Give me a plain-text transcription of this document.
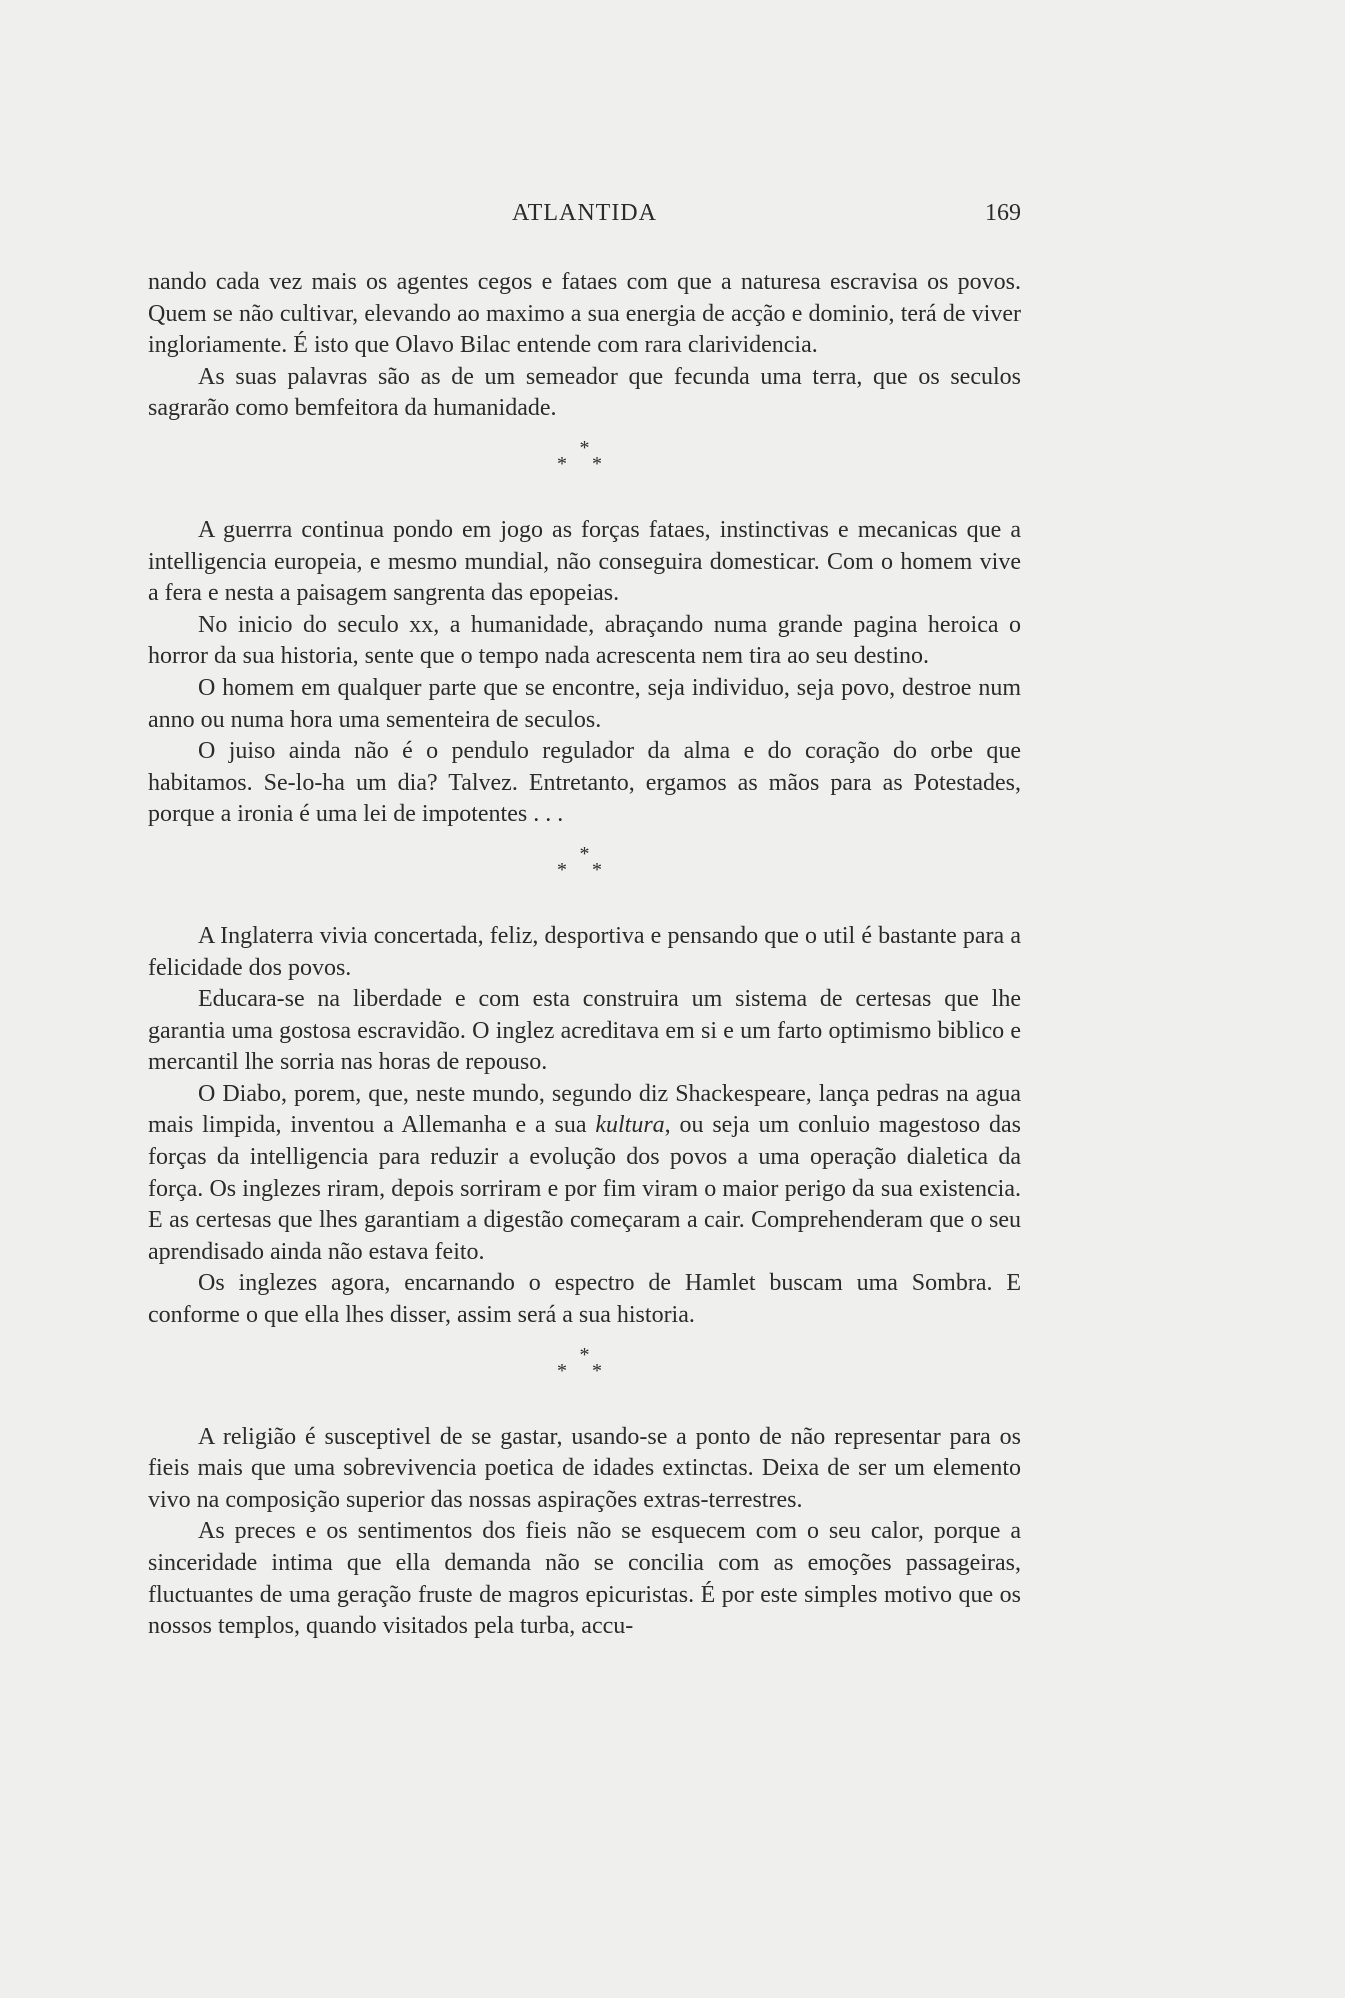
ATLANTIDA	169

nando cada vez mais os agentes cegos e fataes com que a naturesa escravisa os povos. Quem se não cultivar, elevando ao maximo a sua energia de acção e dominio, terá de viver ingloriamente. É isto que Olavo Bilac entende com rara clarividencia.

As suas palavras são as de um semeador que fecunda uma terra, que os seculos sagrarão como bemfeitora da humanidade.

*
* *

A guerrra continua pondo em jogo as forças fataes, instinctivas e mecanicas que a intelligencia europeia, e mesmo mundial, não conseguira domesticar. Com o homem vive a fera e nesta a paisagem sangrenta das epopeias.

No inicio do seculo xx, a humanidade, abraçando numa grande pagina heroica o horror da sua historia, sente que o tempo nada acrescenta nem tira ao seu destino.

O homem em qualquer parte que se encontre, seja individuo, seja povo, destroe num anno ou numa hora uma sementeira de seculos.

O juiso ainda não é o pendulo regulador da alma e do coração do orbe que habitamos. Se-lo-ha um dia? Talvez. Entretanto, ergamos as mãos para as Potestades, porque a ironia é uma lei de impotentes . . .

*
* *

A Inglaterra vivia concertada, feliz, desportiva e pensando que o util é bastante para a felicidade dos povos.

Educara-se na liberdade e com esta construira um sistema de certesas que lhe garantia uma gostosa escravidão. O inglez acreditava em si e um farto optimismo biblico e mercantil lhe sorria nas horas de repouso.

O Diabo, porem, que, neste mundo, segundo diz Shackespeare, lança pedras na agua mais limpida, inventou a Allemanha e a sua kultura, ou seja um conluio magestoso das forças da intelligencia para reduzir a evolução dos povos a uma operação dialetica da força. Os inglezes riram, depois sorriram e por fim viram o maior perigo da sua existencia. E as certesas que lhes garantiam a digestão começaram a cair. Comprehenderam que o seu aprendisado ainda não estava feito.

Os inglezes agora, encarnando o espectro de Hamlet buscam uma Sombra. E conforme o que ella lhes disser, assim será a sua historia.

*
* *

A religião é susceptivel de se gastar, usando-se a ponto de não representar para os fieis mais que uma sobrevivencia poetica de idades extinctas. Deixa de ser um elemento vivo na composição superior das nossas aspirações extras-terrestres.

As preces e os sentimentos dos fieis não se esquecem com o seu calor, porque a sinceridade intima que ella demanda não se concilia com as emoções passageiras, fluctuantes de uma geração fruste de magros epicuristas. É por este simples motivo que os nossos templos, quando visitados pela turba, accu-
